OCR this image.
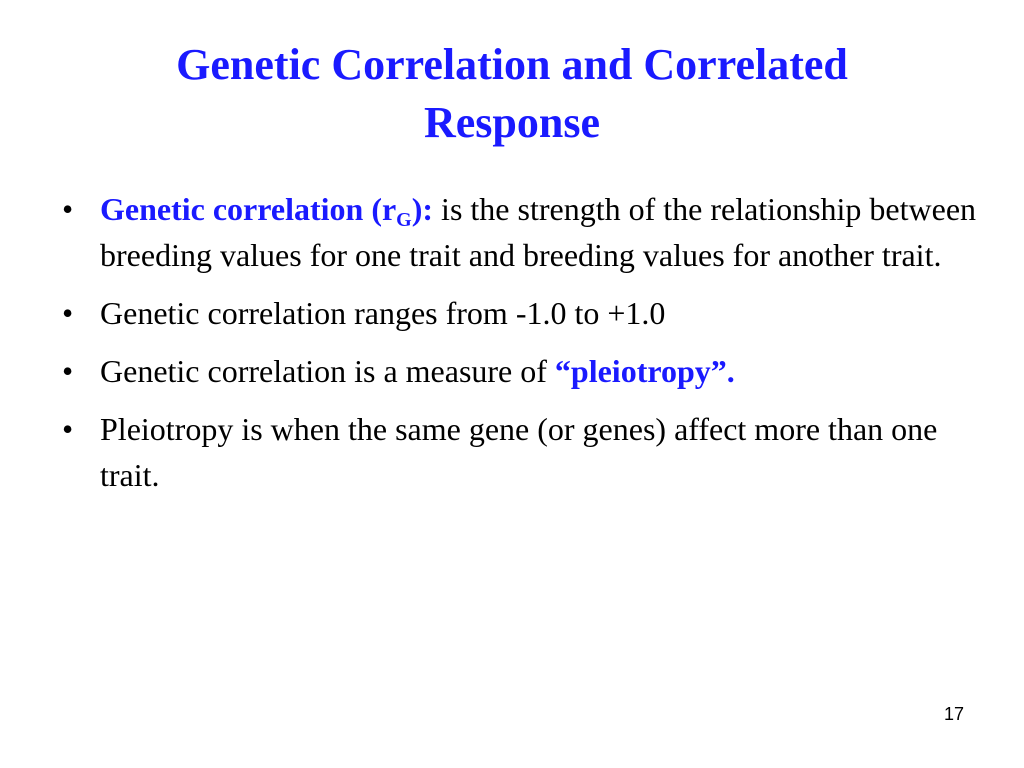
Genetic Correlation and Correlated
Response
• Genetic correlation $(r_G)$: is the strength of the relationship between breeding values for one trait and breeding values for another trait.
• Genetic correlation ranges from -1.0 to +1.0
• Genetic correlation is a measure of “pleiotropy”.
• Pleiotropy is when the same gene (or genes) affect more than one trait.
17
